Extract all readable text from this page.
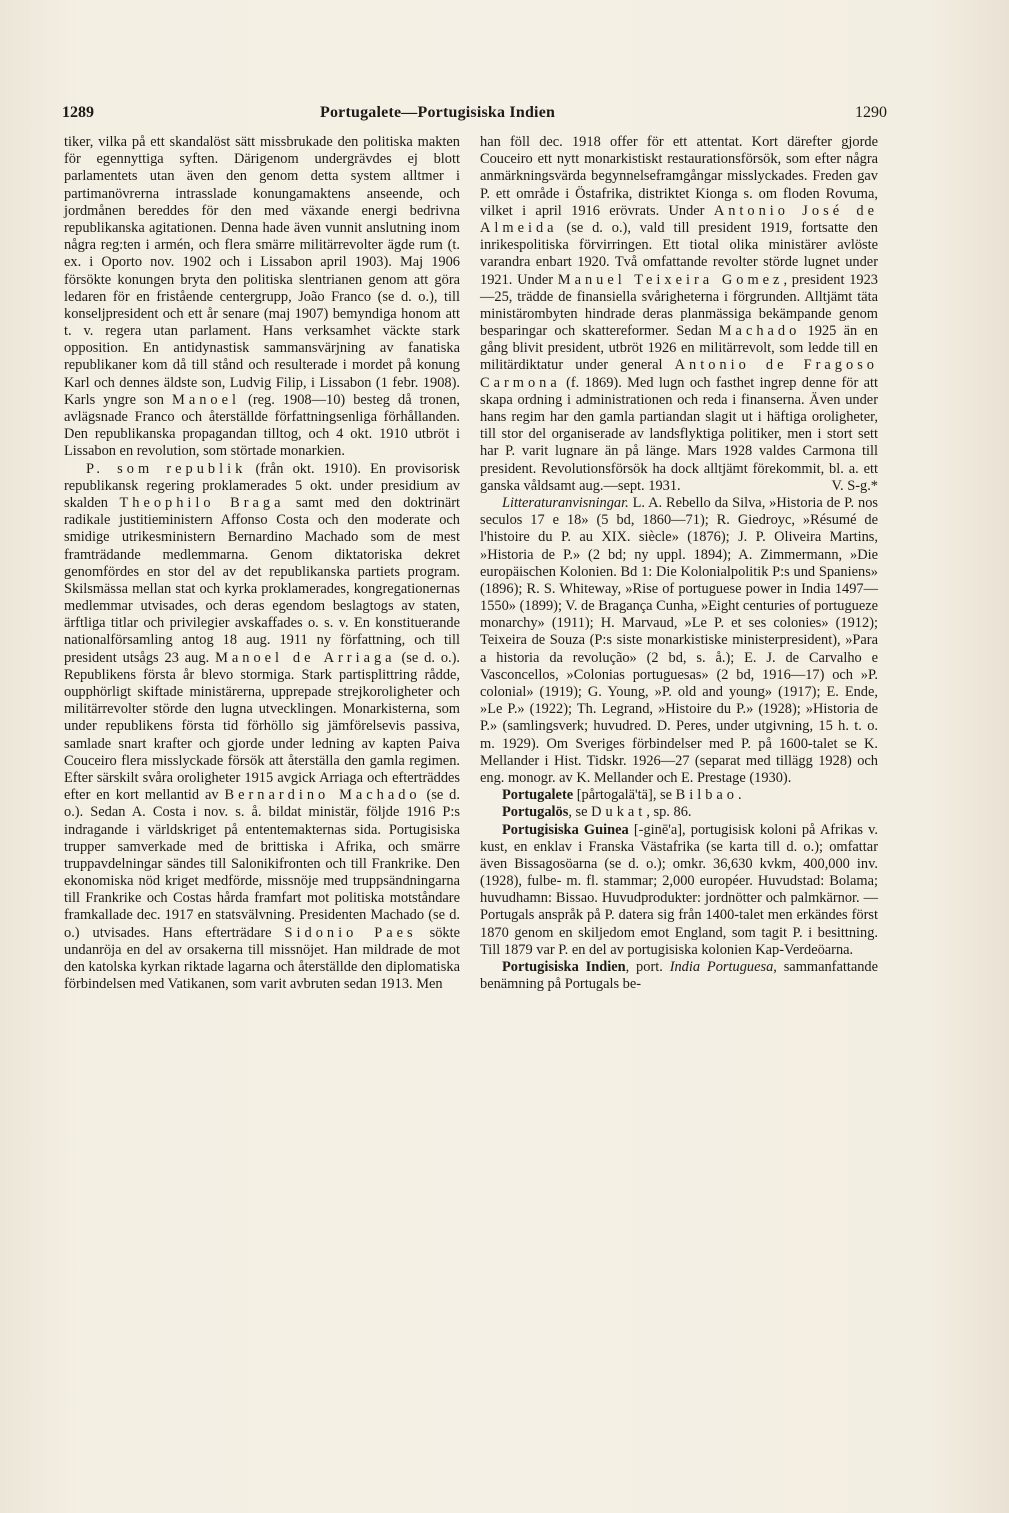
1289	Portugalete—Portugisiska Indien	1290

tiker, vilka på ett skandalöst sätt missbrukade den politiska makten för egennyttiga syften. Därigenom undergrävdes ej blott parlamentets utan även den genom detta system alltmer i partimanövrerna intrasslade konungamaktens anseende, och jordmånen bereddes för den med växande energi bedrivna republikanska agitationen. Denna hade även vunnit anslutning inom några reg:ten i armén, och flera smärre militärrevolter ägde rum (t. ex. i Oporto nov. 1902 och i Lissabon april 1903). Maj 1906 försökte konungen bryta den politiska slentrianen genom att göra ledaren för en fristående centergrupp, João Franco (se d. o.), till konseljpresident och ett år senare (maj 1907) bemyndiga honom att t. v. regera utan parlament. Hans verksamhet väckte stark opposition. En antidynastisk sammansvärjning av fanatiska republikaner kom då till stånd och resulterade i mordet på konung Karl och dennes äldste son, Ludvig Filip, i Lissabon (1 febr. 1908). Karls yngre son Manoel (reg. 1908—10) besteg då tronen, avlägsnade Franco och återställde författningsenliga förhållanden. Den republikanska propagandan tilltog, och 4 okt. 1910 utbröt i Lissabon en revolution, som störtade monarkien.

P. som republik (från okt. 1910). En provisorisk republikansk regering proklamerades 5 okt. under presidium av skalden Theophilo Braga samt med den doktrinärt radikale justitieministern Affonso Costa och den moderate och smidige utrikesministern Bernardino Machado som de mest framträdande medlemmarna. Genom diktatoriska dekret genomfördes en stor del av det republikanska partiets program. Skilsmässa mellan stat och kyrka proklamerades, kongregationernas medlemmar utvisades, och deras egendom beslagtogs av staten, ärftliga titlar och privilegier avskaffades o. s. v. En konstituerande nationalförsamling antog 18 aug. 1911 ny författning, och till president utsågs 23 aug. Manoel de Arriaga (se d. o.). Republikens första år blevo stormiga. Stark partisplittring rådde, oupphörligt skiftade ministärerna, upprepade strejkoroligheter och militärrevolter störde den lugna utvecklingen. Monarkisterna, som under republikens första tid förhöllo sig jämförelsevis passiva, samlade snart krafter och gjorde under ledning av kapten Paiva Couceiro flera misslyckade försök att återställa den gamla regimen. Efter särskilt svåra oroligheter 1915 avgick Arriaga och efterträddes efter en kort mellantid av Bernardino Machado (se d. o.). Sedan A. Costa i nov. s. å. bildat ministär, följde 1916 P:s indragande i världskriget på ententemakternas sida. Portugisiska trupper samverkade med de brittiska i Afrika, och smärre truppavdelningar sändes till Salonikifronten och till Frankrike. Den ekonomiska nöd kriget medförde, missnöje med truppsändningarna till Frankrike och Costas hårda framfart mot politiska motståndare framkallade dec. 1917 en statsvälvning. Presidenten Machado (se d. o.) utvisades. Hans efterträdare Sidonio Paes sökte undanröja en del av orsakerna till missnöjet. Han mildrade de mot den katolska kyrkan riktade lagarna och återställde den diplomatiska förbindelsen med Vatikanen, som varit avbruten sedan 1913. Men

han föll dec. 1918 offer för ett attentat. Kort därefter gjorde Couceiro ett nytt monarkistiskt restaurationsförsök, som efter några anmärkningsvärda begynnelseframgångar misslyckades. Freden gav P. ett område i Östafrika, distriktet Kionga s. om floden Rovuma, vilket i april 1916 erövrats. Under Antonio José de Almeida (se d. o.), vald till president 1919, fortsatte den inrikespolitiska förvirringen. Ett tiotal olika ministärer avlöste varandra enbart 1920. Två omfattande revolter störde lugnet under 1921. Under Manuel Teixeira Gomez, president 1923—25, trädde de finansiella svårigheterna i förgrunden. Alltjämt täta ministärombyten hindrade deras planmässiga bekämpande genom besparingar och skattereformer. Sedan Machado 1925 än en gång blivit president, utbröt 1926 en militärrevolt, som ledde till en militärdiktatur under general Antonio de Fragoso Carmona (f. 1869). Med lugn och fasthet ingrep denne för att skapa ordning i administrationen och reda i finanserna. Även under hans regim har den gamla partiandan slagit ut i häftiga oroligheter, till stor del organiserade av landsflyktiga politiker, men i stort sett har P. varit lugnare än på länge. Mars 1928 valdes Carmona till president. Revolutionsförsök ha dock alltjämt förekommit, bl. a. ett ganska våldsamt aug.—sept. 1931.	V. S-g.*

Litteraturanvisningar. L. A. Rebello da Silva, »Historia de P. nos seculos 17 e 18» (5 bd, 1860—71); R. Giedroyc, »Résumé de l'histoire du P. au XIX. siècle» (1876); J. P. Oliveira Martins, »Historia de P.» (2 bd; ny uppl. 1894); A. Zimmermann, »Die europäischen Kolonien. Bd 1: Die Kolonialpolitik P:s und Spaniens» (1896); R. S. Whiteway, »Rise of portuguese power in India 1497—1550» (1899); V. de Bragança Cunha, »Eight centuries of portugueze monarchy» (1911); H. Marvaud, »Le P. et ses colonies» (1912); Teixeira de Souza (P:s siste monarkistiske ministerpresident), »Para a historia da revolução» (2 bd, s. å.); E. J. de Carvalho e Vasconcellos, »Colonias portuguesas» (2 bd, 1916—17) och »P. colonial» (1919); G. Young, »P. old and young» (1917); E. Ende, »Le P.» (1922); Th. Legrand, »Histoire du P.» (1928); »Historia de P.» (samlingsverk; huvudred. D. Peres, under utgivning, 15 h. t. o. m. 1929). Om Sveriges förbindelser med P. på 1600-talet se K. Mellander i Hist. Tidskr. 1926—27 (separat med tillägg 1928) och eng. monogr. av K. Mellander och E. Prestage (1930).

Portugalete [pårtogalä'tä], se Bilbao.

Portugalös, se Dukat, sp. 86.

Portugisiska Guinea [-ginē'a], portugisisk koloni på Afrikas v. kust, en enklav i Franska Västafrika (se karta till d. o.); omfattar även Bissagosöarna (se d. o.); omkr. 36,630 kvkm, 400,000 inv. (1928), fulbe- m. fl. stammar; 2,000 européer. Huvudstad: Bolama; huvudhamn: Bissao. Huvudprodukter: jordnötter och palmkärnor. — Portugals anspråk på P. datera sig från 1400-talet men erkändes först 1870 genom en skiljedom emot England, som tagit P. i besittning. Till 1879 var P. en del av portugisiska kolonien Kap-Verdeöarna.

Portugisiska Indien, port. India Portuguesa, sammanfattande benämning på Portugals be-
